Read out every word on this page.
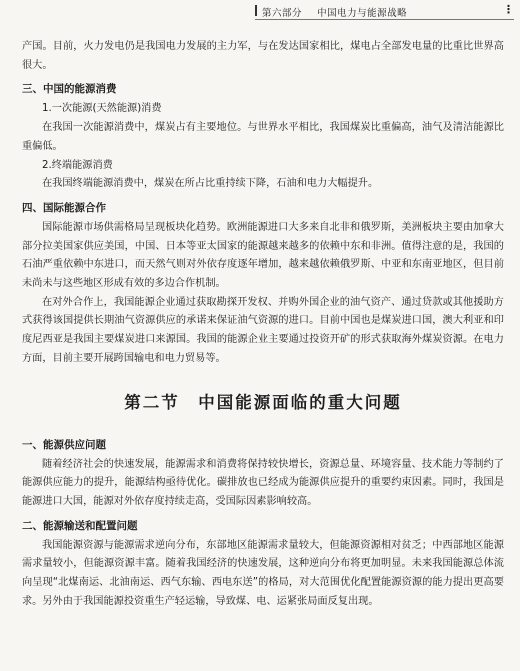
第六部分 中国电力与能源战略	⋮

产国。目前，火力发电仍是我国电力发展的主力军，与在发达国家相比，煤电占全部发电量的比重比世界高很大。

三、中国的能源消费
1.一次能源(天然能源)消费

在我国一次能源消费中，煤炭占有主要地位。与世界水平相比，我国煤炭比重偏高，油气及清洁能源比重偏低。

2.终端能源消费

在我国终端能源消费中，煤炭在所占比重持续下降，石油和电力大幅提升。

四、国际能源合作

国际能源市场供需格局呈现板块化趋势。欧洲能源进口大多来自北非和俄罗斯，美洲板块主要由加拿大部分拉美国家供应美国，中国、日本等亚太国家的能源越来越多的依赖中东和非洲。值得注意的是，我国的石油严重依赖中东进口，而天然气则对外依存度逐年增加，越来越依赖俄罗斯、中亚和东南亚地区，但目前未尚未与这些地区形成有效的多边合作机制。

在对外合作上，我国能源企业通过获取勘探开发权、并购外国企业的油气资产、通过贷款或其他援助方式获得该国提供长期油气资源供应的承诺来保证油气资源的进口。目前中国也是煤炭进口国，澳大利亚和印度尼西亚是我国主要煤炭进口来源国。我国的能源企业主要通过投资开矿的形式获取海外煤炭资源。在电力方面，目前主要开展跨国输电和电力贸易等。

第二节　中国能源面临的重大问题
一、能源供应问题

随着经济社会的快速发展，能源需求和消费将保持较快增长，资源总量、环境容量、技术能力等制约了能源供应能力的提升，能源结构亟待优化。碳排放也已经成为能源供应提升的重要约束因素。同时，我国是能源进口大国，能源对外依存度持续走高，受国际因素影响较高。

二、能源输送和配置问题

我国能源资源与能源需求逆向分布，东部地区能源需求量较大，但能源资源相对贫乏；中西部地区能源需求量较小，但能源资源丰富。随着我国经济的快速发展，这种逆向分布将更加明显。未来我国能源总体流向呈现“北煤南运、北油南运、西气东输、西电东送”的格局，对大范围优化配置能源资源的能力提出更高要求。另外由于我国能源投资重生产轻运输，导致煤、电、运紧张局面反复出现。
